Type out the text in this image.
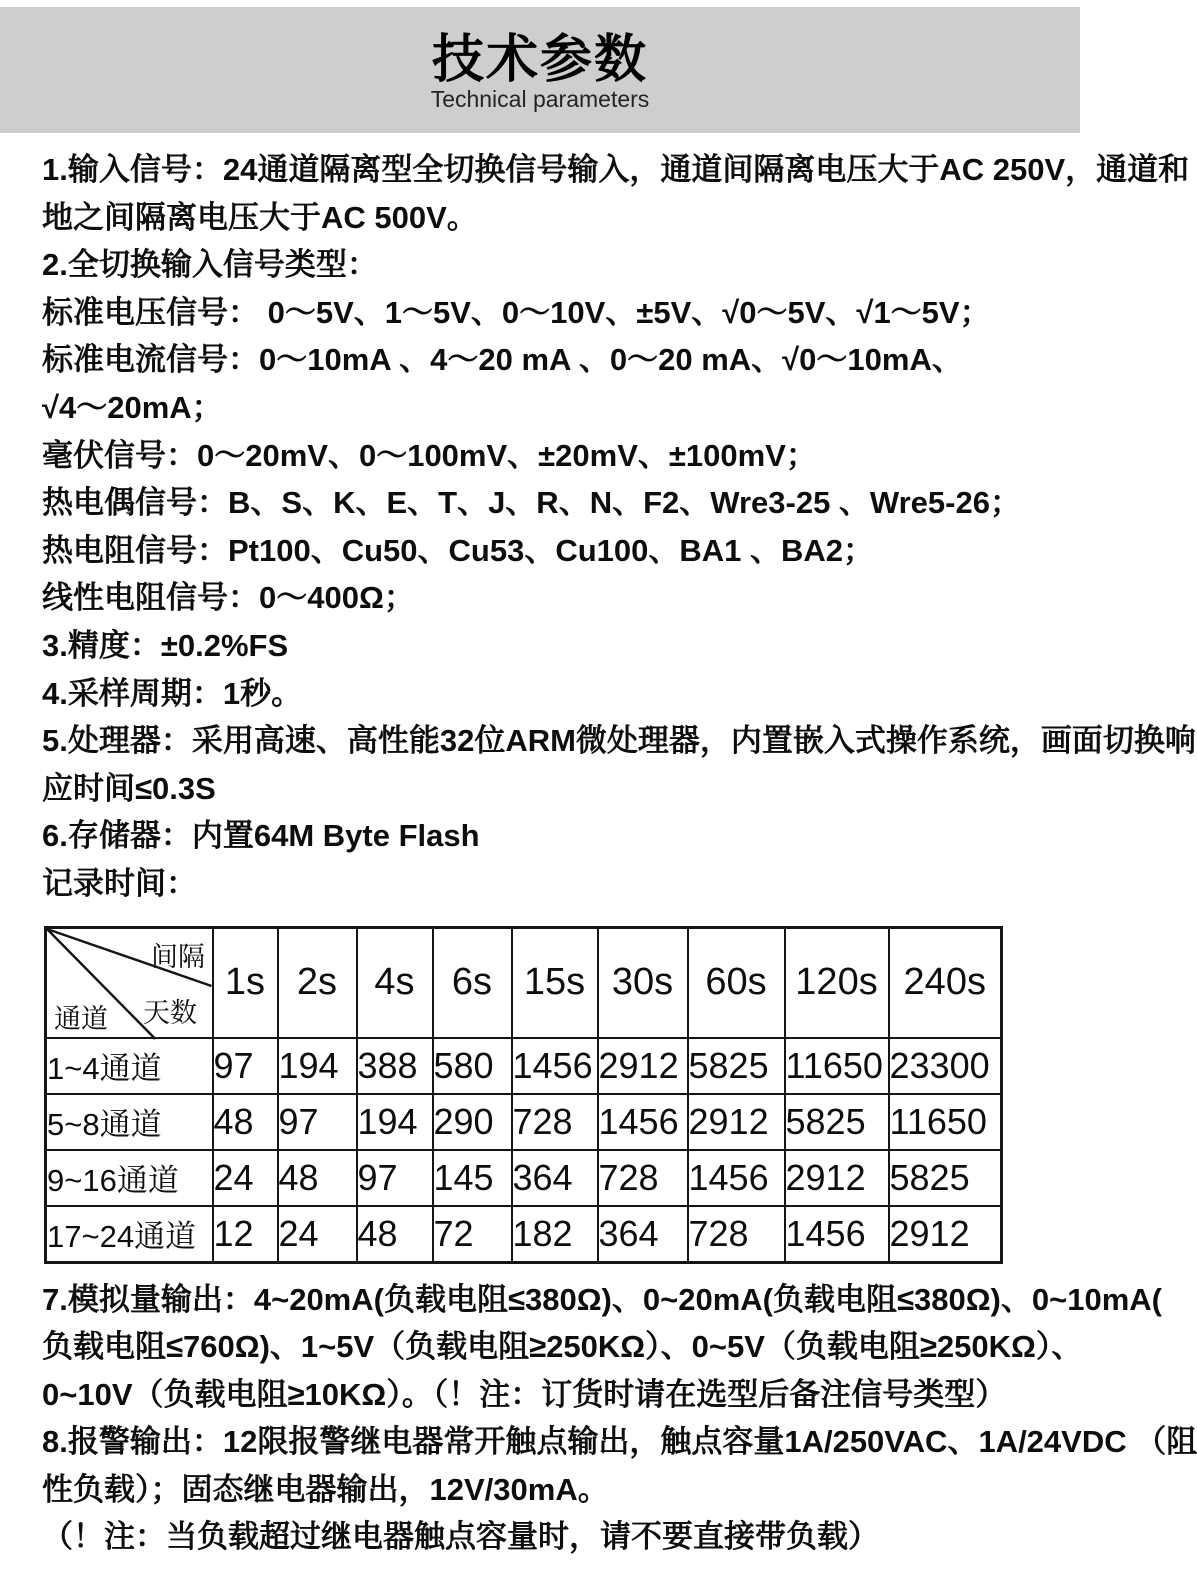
技术参数
Technical parameters
1.输入信号：24通道隔离型全切换信号输入，通道间隔离电压大于AC 250V，通道和
地之间隔离电压大于AC 500V。
2.全切换输入信号类型：
标准电压信号： 0～5V、1～5V、0～10V、±5V、√0～5V、√1～5V；
标准电流信号：0～10mA 、4～20 mA 、0～20 mA、√0～10mA、
√4～20mA；
毫伏信号：0～20mV、0～100mV、±20mV、±100mV；
热电偶信号：B、S、K、E、T、J、R、N、F2、Wre3-25 、Wre5-26；
热电阻信号：Pt100、Cu50、Cu53、Cu100、BA1 、BA2；
线性电阻信号：0～400Ω；
3.精度：±0.2%FS
4.采样周期：1秒。
5.处理器：采用高速、高性能32位ARM微处理器，内置嵌入式操作系统，画面切换响
应时间≤0.3S
6.存储器：内置64M Byte Flash
记录时间：
间隔
天数
通道	1s	2s	4s	6s	15s	30s	60s	120s	240s
1~4通道	97	194	388	580	1456	2912	5825	11650	23300
5~8通道	48	97	194	290	728	1456	2912	5825	11650
9~16通道	24	48	97	145	364	728	1456	2912	5825
17~24通道	12	24	48	72	182	364	728	1456	2912
7.模拟量输出：4~20mA(负载电阻≤380Ω)、0~20mA(负载电阻≤380Ω)、0~10mA(
负载电阻≤760Ω)、1~5V（负载电阻≥250KΩ）、0~5V（负载电阻≥250KΩ）、
0~10V（负载电阻≥10KΩ）。（！注：订货时请在选型后备注信号类型）
8.报警输出：12限报警继电器常开触点输出，触点容量1A/250VAC、1A/24VDC （阻
性负载）；固态继电器输出，12V/30mA。
（！注：当负载超过继电器触点容量时，请不要直接带负载）
